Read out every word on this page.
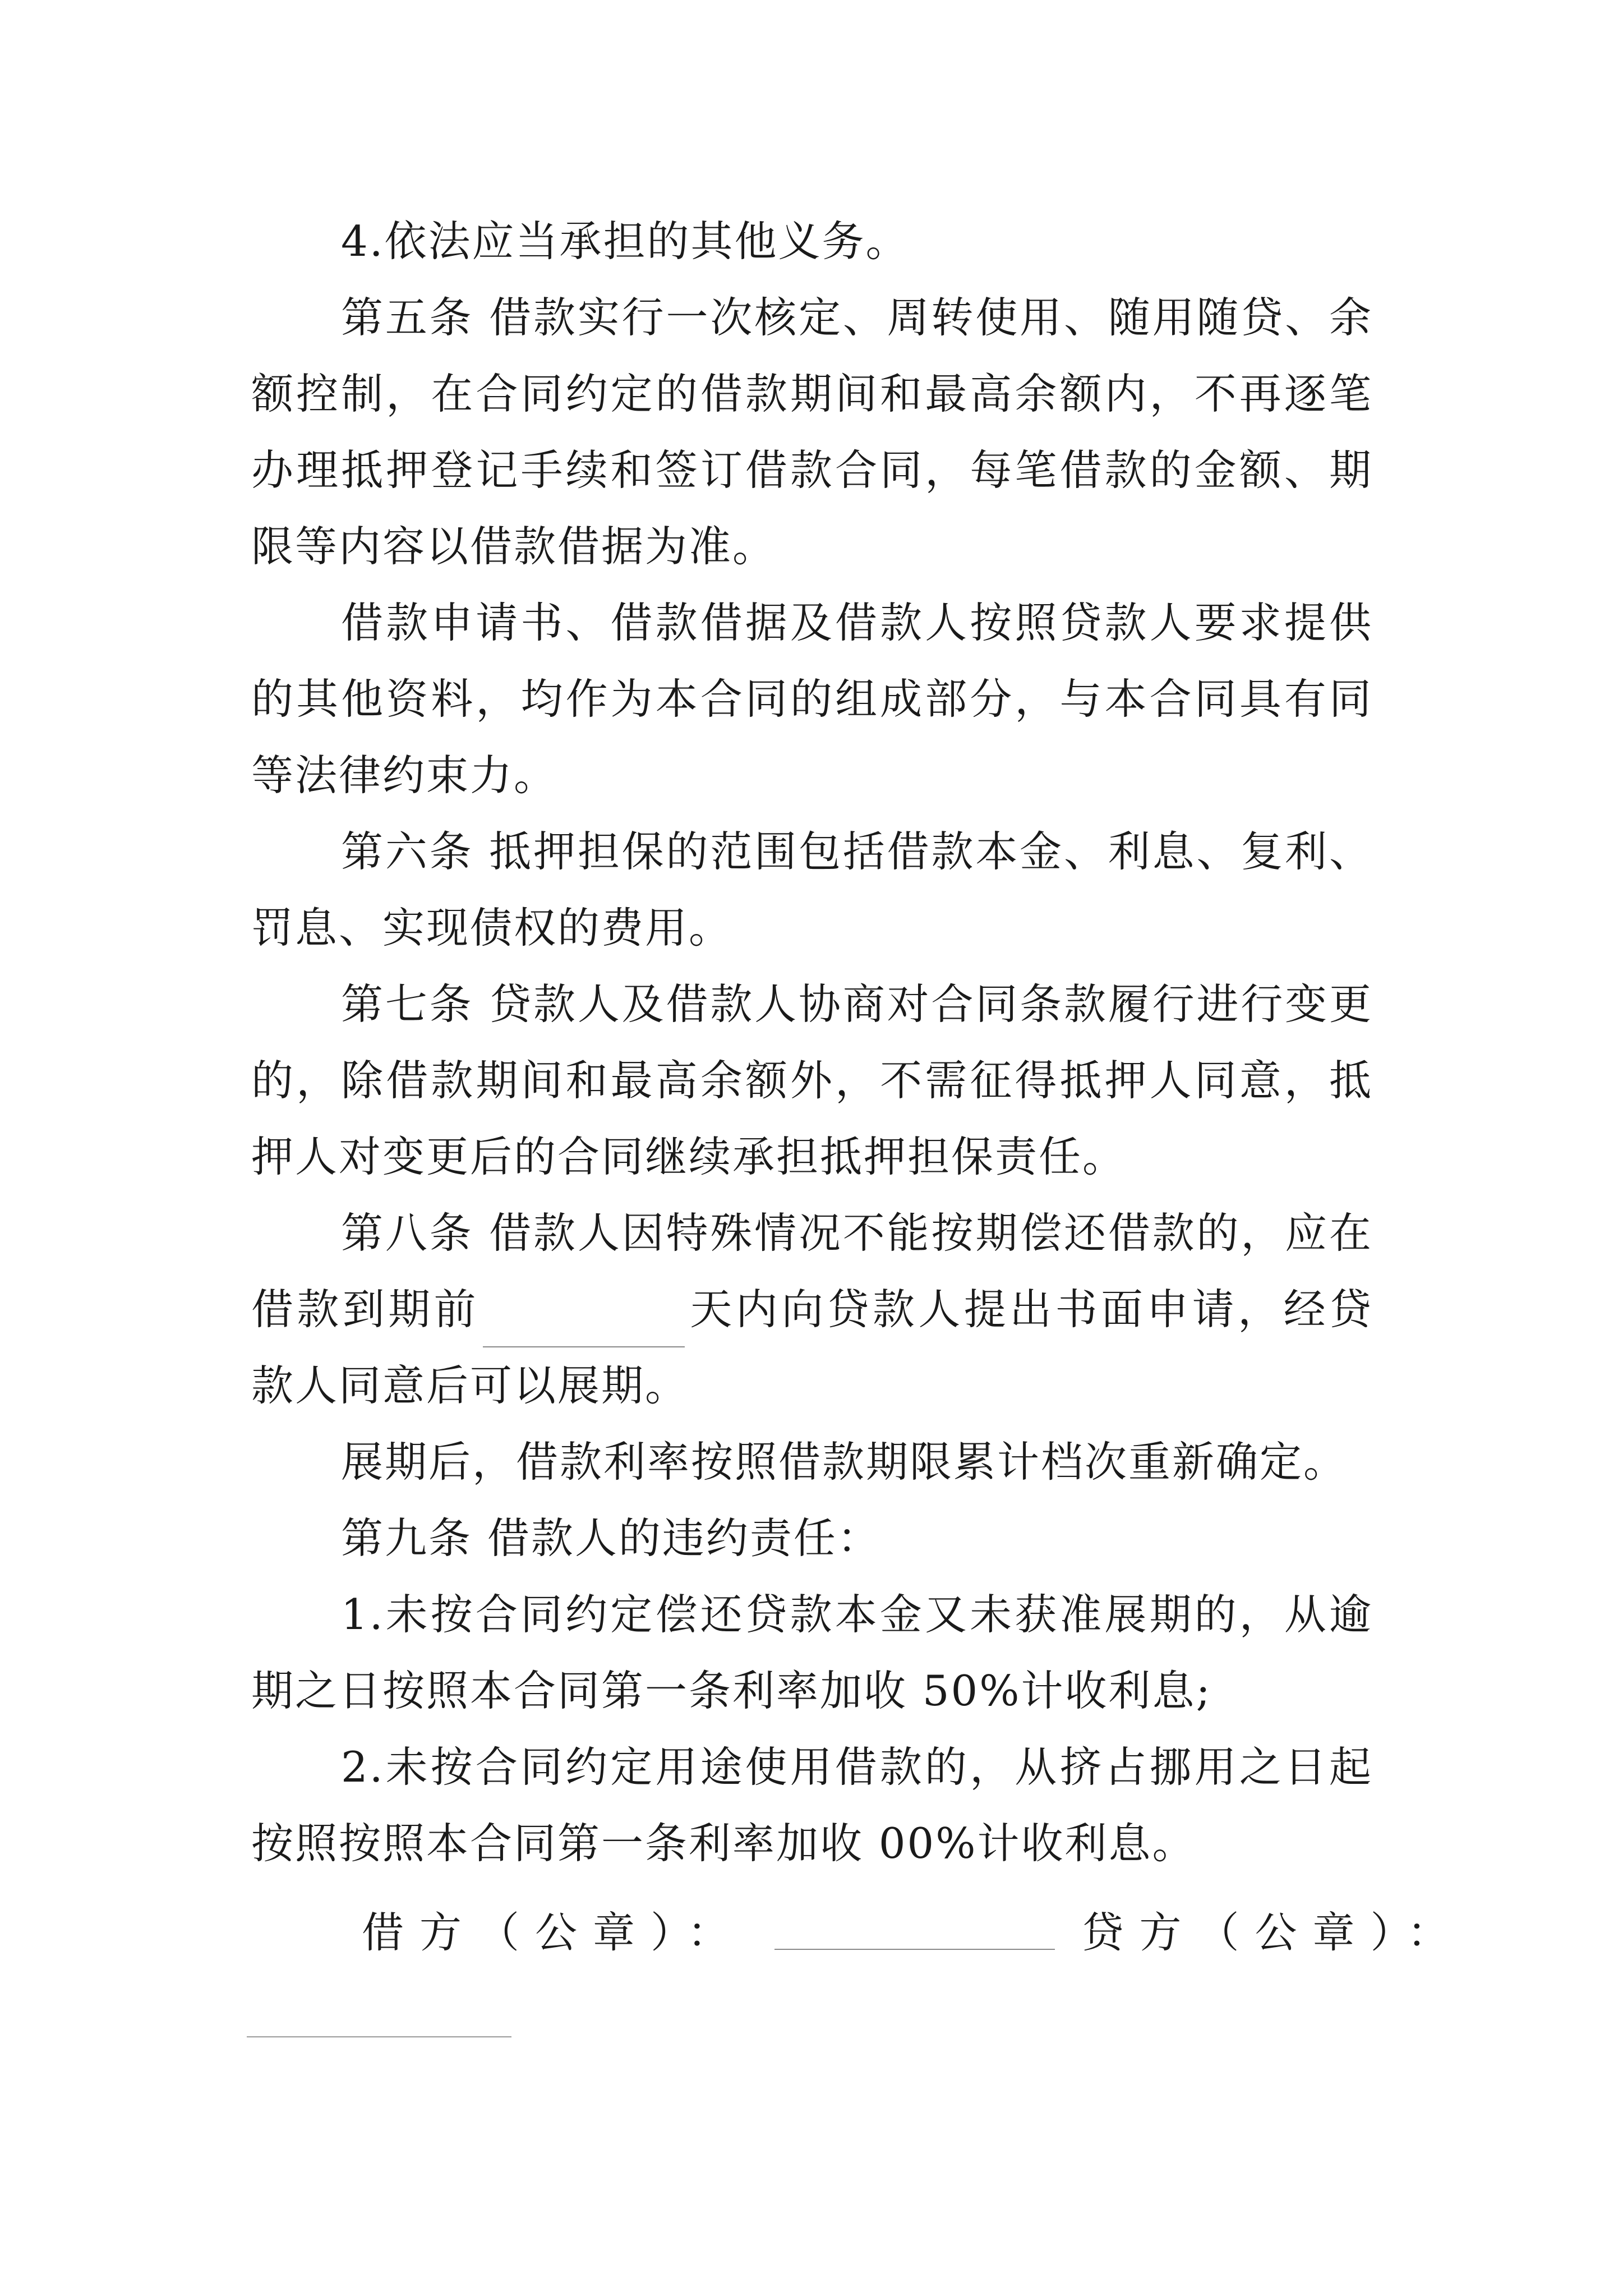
4.依法应当承担的其他义务。

第五条 借款实行一次核定、周转使用、随用随贷、余额控制，在合同约定的借款期间和最高余额内，不再逐笔办理抵押登记手续和签订借款合同，每笔借款的金额、期限等内容以借款借据为准。

借款申请书、借款借据及借款人按照贷款人要求提供的其他资料，均作为本合同的组成部分，与本合同具有同等法律约束力。

第六条 抵押担保的范围包括借款本金、利息、复利、罚息、实现债权的费用。

第七条 贷款人及借款人协商对合同条款履行进行变更的，除借款期间和最高余额外，不需征得抵押人同意，抵押人对变更后的合同继续承担抵押担保责任。

第八条 借款人因特殊情况不能按期偿还借款的，应在借款到期前	天内向贷款人提出书面申请，经贷款人同意后可以展期。

展期后，借款利率按照借款期限累计档次重新确定。

第九条 借款人的违约责任：

1.未按合同约定偿还贷款本金又未获准展期的，从逾期之日按照本合同第一条利率加收 50%计收利息;

2.未按合同约定用途使用借款的，从挤占挪用之日起按照按照本合同第一条利率加收 00%计收利息。

借方（公章）：	贷方（公章）：
